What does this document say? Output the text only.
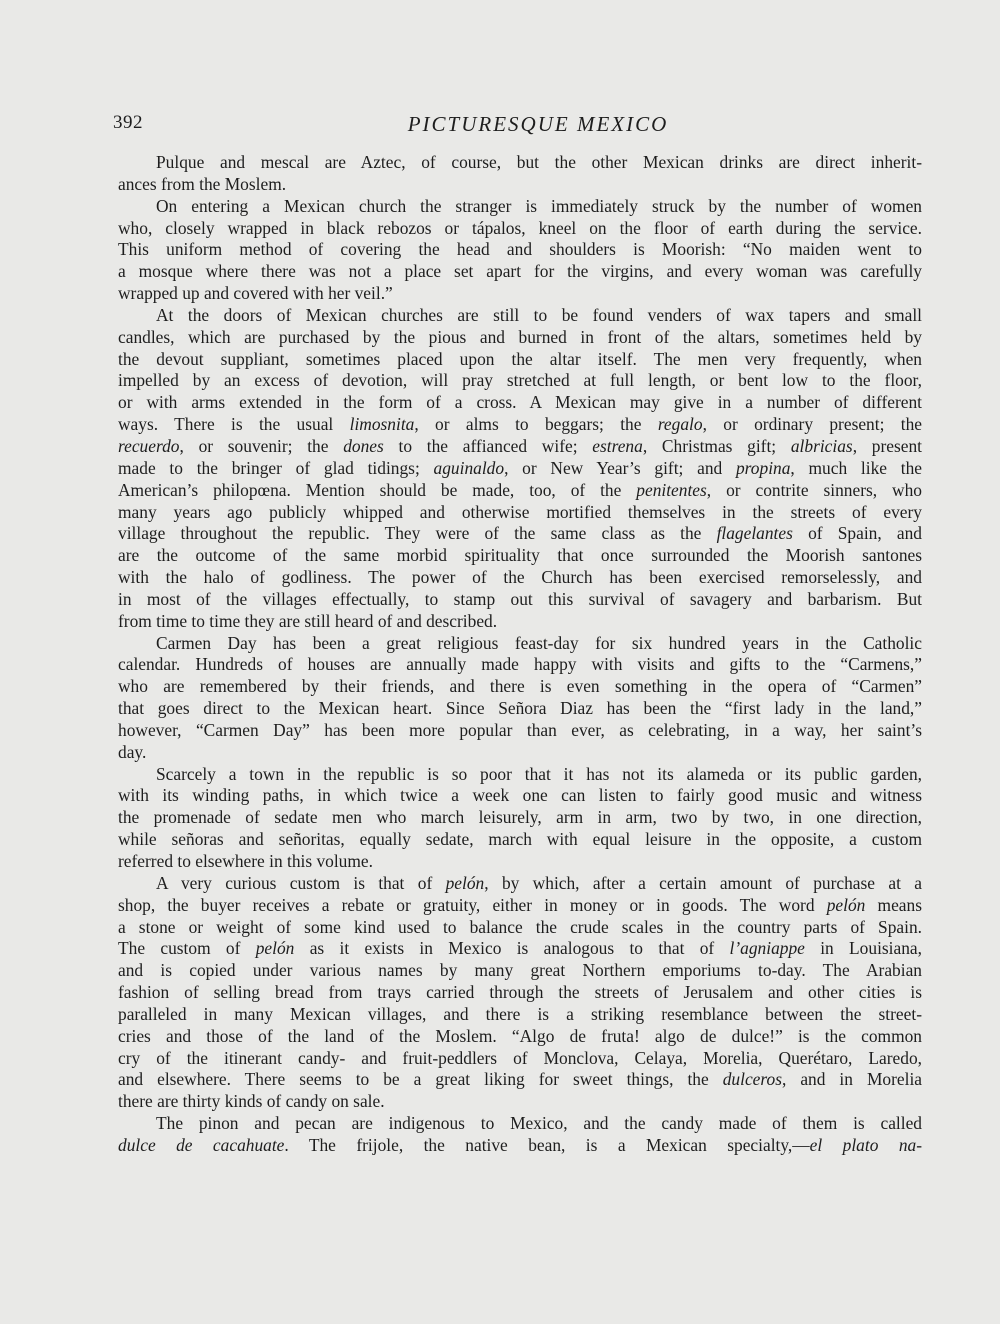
392	PICTURESQUE MEXICO
Pulque and mescal are Aztec, of course, but the other Mexican drinks are direct inherit-
ances from the Moslem.
On entering a Mexican church the stranger is immediately struck by the number of women
who, closely wrapped in black rebozos or tápalos, kneel on the floor of earth during the service.
This uniform method of covering the head and shoulders is Moorish: “No maiden went to
a mosque where there was not a place set apart for the virgins, and every woman was carefully
wrapped up and covered with her veil.”
At the doors of Mexican churches are still to be found venders of wax tapers and small
candles, which are purchased by the pious and burned in front of the altars, sometimes held by
the devout suppliant, sometimes placed upon the altar itself. The men very frequently, when
impelled by an excess of devotion, will pray stretched at full length, or bent low to the floor,
or with arms extended in the form of a cross. A Mexican may give in a number of different
ways. There is the usual limosnita, or alms to beggars; the regalo, or ordinary present; the
recuerdo, or souvenir; the dones to the affianced wife; estrena, Christmas gift; albricias, present
made to the bringer of glad tidings; aguinaldo, or New Year’s gift; and propina, much like the
American’s philopœna. Mention should be made, too, of the penitentes, or contrite sinners, who
many years ago publicly whipped and otherwise mortified themselves in the streets of every
village throughout the republic. They were of the same class as the flagelantes of Spain, and
are the outcome of the same morbid spirituality that once surrounded the Moorish santones
with the halo of godliness. The power of the Church has been exercised remorselessly, and
in most of the villages effectually, to stamp out this survival of savagery and barbarism. But
from time to time they are still heard of and described.
Carmen Day has been a great religious feast-day for six hundred years in the Catholic
calendar. Hundreds of houses are annually made happy with visits and gifts to the “Carmens,”
who are remembered by their friends, and there is even something in the opera of “Carmen”
that goes direct to the Mexican heart. Since Señora Diaz has been the “first lady in the land,”
however, “Carmen Day” has been more popular than ever, as celebrating, in a way, her saint’s
day.
Scarcely a town in the republic is so poor that it has not its alameda or its public garden,
with its winding paths, in which twice a week one can listen to fairly good music and witness
the promenade of sedate men who march leisurely, arm in arm, two by two, in one direction,
while señoras and señoritas, equally sedate, march with equal leisure in the opposite, a custom
referred to elsewhere in this volume.
A very curious custom is that of pelón, by which, after a certain amount of purchase at a
shop, the buyer receives a rebate or gratuity, either in money or in goods. The word pelón means
a stone or weight of some kind used to balance the crude scales in the country parts of Spain.
The custom of pelón as it exists in Mexico is analogous to that of l’agniappe in Louisiana,
and is copied under various names by many great Northern emporiums to-day. The Arabian
fashion of selling bread from trays carried through the streets of Jerusalem and other cities is
paralleled in many Mexican villages, and there is a striking resemblance between the street-
cries and those of the land of the Moslem. “Algo de fruta! algo de dulce!” is the common
cry of the itinerant candy- and fruit-peddlers of Monclova, Celaya, Morelia, Querétaro, Laredo,
and elsewhere. There seems to be a great liking for sweet things, the dulceros, and in Morelia
there are thirty kinds of candy on sale.
The pinon and pecan are indigenous to Mexico, and the candy made of them is called
dulce de cacahuate. The frijole, the native bean, is a Mexican specialty,—el plato na-
